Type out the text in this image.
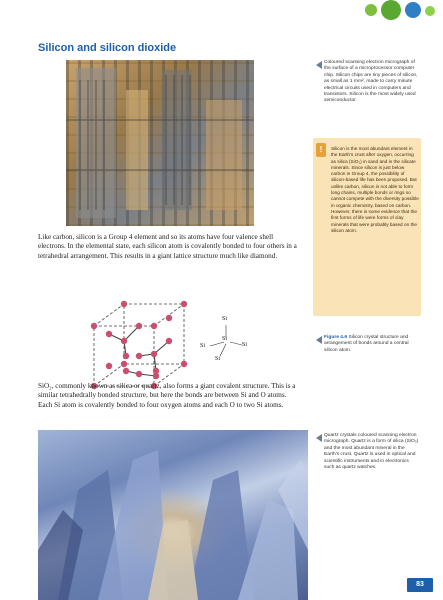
Silicon and silicon dioxide

Coloured scanning electron micrograph of the surface of a microprocessor computer chip. Silicon chips are tiny pieces of silicon, as small as 1 mm², made to carry minute electrical circuits used in computers and transistors. Silicon is the most widely used semiconductor.

!	Silicon is the most abundant element in the Earth's crust after oxygen, occurring as silica (SiO₂) in sand and in the silicate minerals. Since silicon is just below carbon in Group 4, the possibility of silicon-based life has been proposed. But unlike carbon, silicon is not able to form long chains, multiple bonds or rings so cannot compete with the diversity possible in organic chemistry, based on carbon. However, there is some evidence that the first forms of life were forms of clay minerals that were probably based on the silicon atom.

Like carbon, silicon is a Group 4 element and so its atoms have four valence shell electrons. In the elemental state, each silicon atom is covalently bonded to four others in a tetrahedral arrangement. This results in a giant lattice structure much like diamond.

Si
Si
Si	Si
Si

Figure 4.6 Silicon crystal structure and arrangement of bonds around a central silicon atom.

SiO₂, commonly known as silica or quartz, also forms a giant covalent structure. This is a similar tetrahedrally bonded structure, but here the bonds are between Si and O atoms. Each Si atom is covalently bonded to four oxygen atoms and each O to two Si atoms.

Quartz crystals coloured scanning electron micrograph. Quartz is a form of silica (SiO₂) and the most abundant mineral in the Earth's crust. Quartz is used in optical and scientific instruments and in electronics such as quartz watches.

83
